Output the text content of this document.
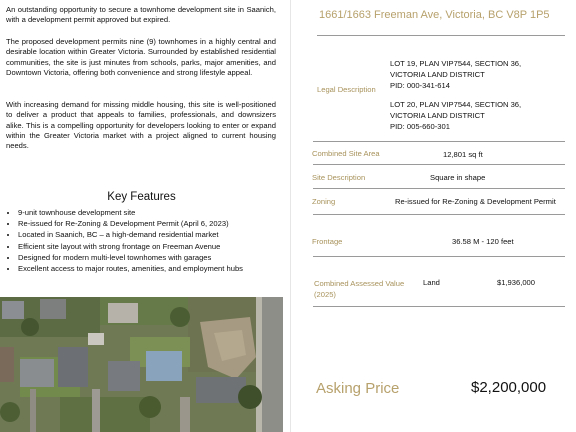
An outstanding opportunity to secure a townhome development site in Saanich, with a development permit approved but expired.

The proposed development permits nine (9) townhomes in a highly central and desirable location within Greater Victoria. Surrounded by established residential communities, the site is just minutes from schools, parks, major amenities, and Downtown Victoria, offering both convenience and strong lifestyle appeal.

With increasing demand for missing middle housing, this site is well-positioned to deliver a product that appeals to families, professionals, and downsizers alike. This is a compelling opportunity for developers looking to enter or expand within the Greater Victoria market with a project aligned to current housing needs.

Key Features
• 9-unit townhouse development site
• Re-issued for Re-Zoning & Development Permit (April 6, 2023)
• Located in Saanich, BC – a high-demand residential market
• Efficient site layout with strong frontage on Freeman Avenue
• Designed for modern multi-level townhomes with garages
• Excellent access to major routes, amenities, and employment hubs
1661/1663 Freeman Ave, Victoria, BC V8P 1P5
Legal Description
LOT 19, PLAN VIP7544, SECTION 36,
VICTORIA LAND DISTRICT
PID: 000-341-614
LOT 20, PLAN VIP7544, SECTION 36,
VICTORIA LAND DISTRICT
PID: 005-660-301
Combined Site Area	12,801 sq ft
Site Description	Square in shape
Zoning	Re-issued for Re-Zoning & Development Permit
Frontage	36.58 M - 120 feet
Combined Assessed Value
(2025)
Land	$1,936,000
Asking Price	$2,200,000
